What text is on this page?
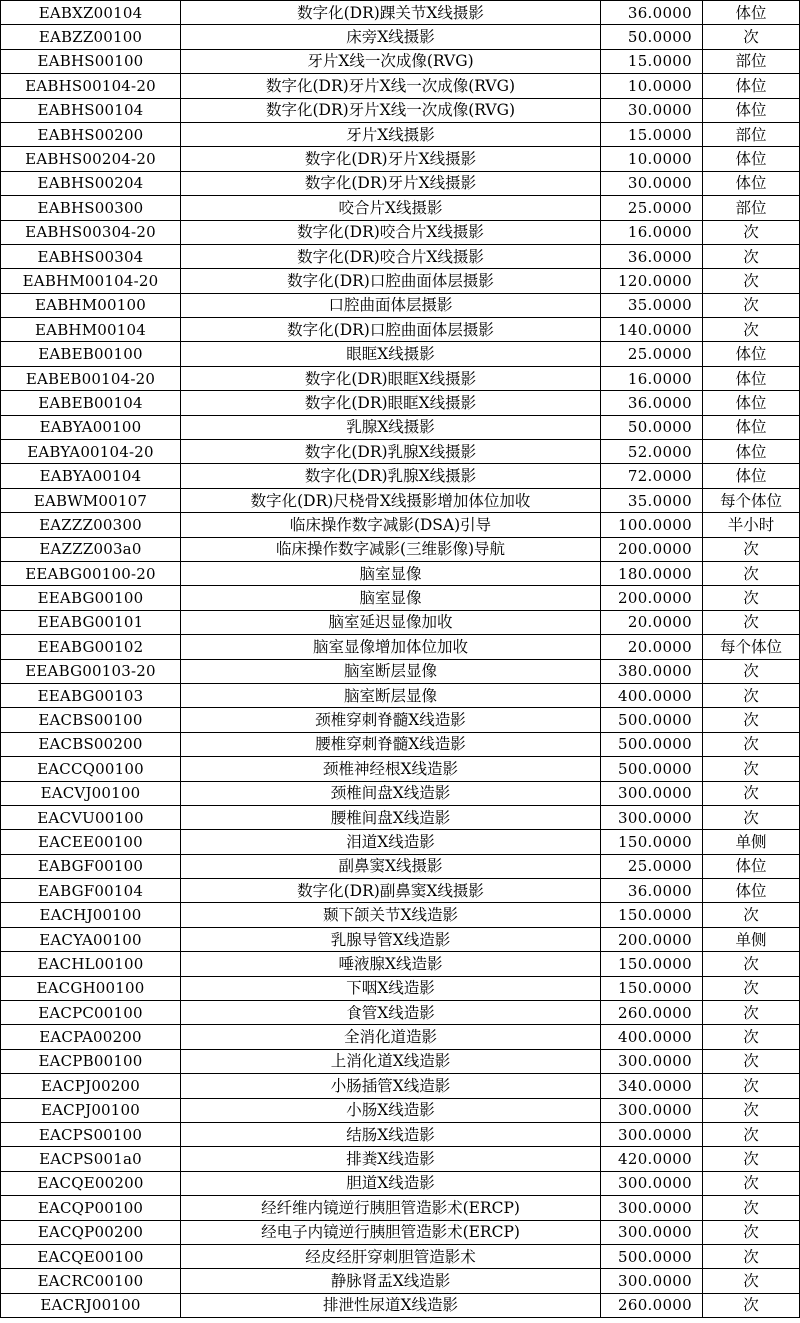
EABXZ00104	数字化(DR)踝关节X线摄影	36.0000	体位
EABZZ00100	床旁X线摄影	50.0000	次
EABHS00100	牙片X线一次成像(RVG)	15.0000	部位
EABHS00104-20	数字化(DR)牙片X线一次成像(RVG)	10.0000	体位
EABHS00104	数字化(DR)牙片X线一次成像(RVG)	30.0000	体位
EABHS00200	牙片X线摄影	15.0000	部位
EABHS00204-20	数字化(DR)牙片X线摄影	10.0000	体位
EABHS00204	数字化(DR)牙片X线摄影	30.0000	体位
EABHS00300	咬合片X线摄影	25.0000	部位
EABHS00304-20	数字化(DR)咬合片X线摄影	16.0000	次
EABHS00304	数字化(DR)咬合片X线摄影	36.0000	次
EABHM00104-20	数字化(DR)口腔曲面体层摄影	120.0000	次
EABHM00100	口腔曲面体层摄影	35.0000	次
EABHM00104	数字化(DR)口腔曲面体层摄影	140.0000	次
EABEB00100	眼眶X线摄影	25.0000	体位
EABEB00104-20	数字化(DR)眼眶X线摄影	16.0000	体位
EABEB00104	数字化(DR)眼眶X线摄影	36.0000	体位
EABYA00100	乳腺X线摄影	50.0000	体位
EABYA00104-20	数字化(DR)乳腺X线摄影	52.0000	体位
EABYA00104	数字化(DR)乳腺X线摄影	72.0000	体位
EABWM00107	数字化(DR)尺桡骨X线摄影增加体位加收	35.0000	每个体位
EAZZZ00300	临床操作数字减影(DSA)引导	100.0000	半小时
EAZZZ003a0	临床操作数字减影(三维影像)导航	200.0000	次
EEABG00100-20	脑室显像	180.0000	次
EEABG00100	脑室显像	200.0000	次
EEABG00101	脑室延迟显像加收	20.0000	次
EEABG00102	脑室显像增加体位加收	20.0000	每个体位
EEABG00103-20	脑室断层显像	380.0000	次
EEABG00103	脑室断层显像	400.0000	次
EACBS00100	颈椎穿刺脊髓X线造影	500.0000	次
EACBS00200	腰椎穿刺脊髓X线造影	500.0000	次
EACCQ00100	颈椎神经根X线造影	500.0000	次
EACVJ00100	颈椎间盘X线造影	300.0000	次
EACVU00100	腰椎间盘X线造影	300.0000	次
EACEE00100	泪道X线造影	150.0000	单侧
EABGF00100	副鼻窦X线摄影	25.0000	体位
EABGF00104	数字化(DR)副鼻窦X线摄影	36.0000	体位
EACHJ00100	颞下颌关节X线造影	150.0000	次
EACYA00100	乳腺导管X线造影	200.0000	单侧
EACHL00100	唾液腺X线造影	150.0000	次
EACGH00100	下咽X线造影	150.0000	次
EACPC00100	食管X线造影	260.0000	次
EACPA00200	全消化道造影	400.0000	次
EACPB00100	上消化道X线造影	300.0000	次
EACPJ00200	小肠插管X线造影	340.0000	次
EACPJ00100	小肠X线造影	300.0000	次
EACPS00100	结肠X线造影	300.0000	次
EACPS001a0	排粪X线造影	420.0000	次
EACQE00200	胆道X线造影	300.0000	次
EACQP00100	经纤维内镜逆行胰胆管造影术(ERCP)	300.0000	次
EACQP00200	经电子内镜逆行胰胆管造影术(ERCP)	300.0000	次
EACQE00100	经皮经肝穿刺胆管造影术	500.0000	次
EACRC00100	静脉肾盂X线造影	300.0000	次
EACRJ00100	排泄性尿道X线造影	260.0000	次
